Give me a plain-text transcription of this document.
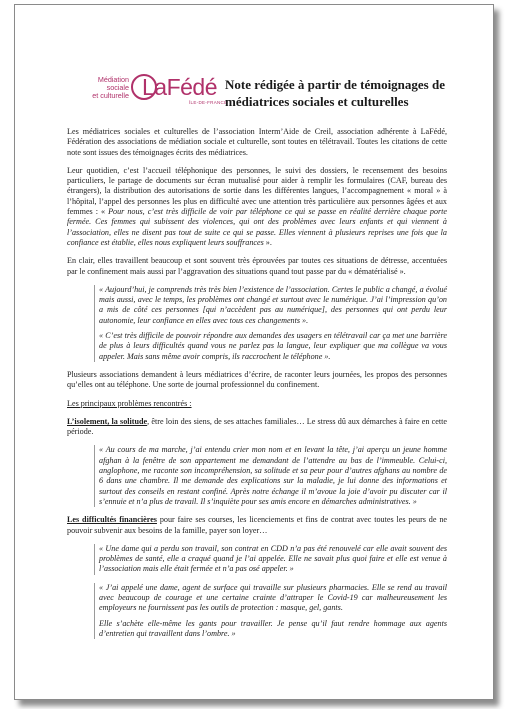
Médiation
sociale
et culturelle LaFédé
ÎLE-DE-FRANCE
Note rédigée à partir de témoignages de
médiatrices sociales et culturelles

Les médiatrices sociales et culturelles de l’association Interm’Aide de Creil, association adhérente à LaFédé, Fédération des associations de médiation sociale et culturelle, sont toutes en télétravail. Toutes les citations de cette note sont issues des témoignages écrits des médiatrices.

Leur quotidien, c’est l’accueil téléphonique des personnes, le suivi des dossiers, le recensement des besoins particuliers, le partage de documents sur écran mutualisé pour aider à remplir les formulaires (CAF, bureau des étrangers), la distribution des autorisations de sortie dans les différentes langues, l’accompagnement « moral » à l’hôpital, l’appel des personnes les plus en difficulté avec une attention très particulière aux personnes âgées et aux femmes : « Pour nous, c’est très difficile de voir par téléphone ce qui se passe en réalité derrière chaque porte fermée. Ces femmes qui subissent des violences, qui ont des problèmes avec leurs enfants et qui viennent à l’association, elles ne disent pas tout de suite ce qui se passe. Elles viennent à plusieurs reprises une fois que la confiance est établie, elles nous expliquent leurs souffrances ».

En clair, elles travaillent beaucoup et sont souvent très éprouvées par toutes ces situations de détresse, accentuées par le confinement mais aussi par l’aggravation des situations quand tout passe par du « dématérialisé ».

« Aujourd’hui, je comprends très très bien l’existence de l’association. Certes le public a changé, a évolué mais aussi, avec le temps, les problèmes ont changé et surtout avec le numérique. J’ai l’impression qu’on a mis de côté ces personnes [qui n’accèdent pas au numérique], des personnes qui ont perdu leur autonomie, leur confiance en elles avec tous ces changements ».

« C’est très difficile de pouvoir répondre aux demandes des usagers en télétravail car ça met une barrière de plus à leurs difficultés quand vous ne parlez pas la langue, leur expliquer que ma collègue va vous appeler. Mais sans même avoir compris, ils raccrochent le téléphone ».

Plusieurs associations demandent à leurs médiatrices d’écrire, de raconter leurs journées, les propos des personnes qu’elles ont au téléphone. Une sorte de journal professionnel du confinement.

Les principaux problèmes rencontrés :

L’isolement, la solitude, être loin des siens, de ses attaches familiales… Le stress dû aux démarches à faire en cette période.

« Au cours de ma marche, j’ai entendu crier mon nom et en levant la tête, j’ai aperçu un jeune homme afghan à la fenêtre de son appartement me demandant de l’attendre au bas de l’immeuble. Celui-ci, anglophone, me raconte son incompréhension, sa solitude et sa peur pour d’autres afghans au nombre de 6 dans une chambre. Il me demande des explications sur la maladie, je lui donne des informations et surtout des conseils en restant confiné. Après notre échange il m’avoue la joie d’avoir pu discuter car il s’ennuie et n’a plus de travail. Il s’inquiète pour ses amis encore en démarches administratives. »

Les difficultés financières pour faire ses courses, les licenciements et fins de contrat avec toutes les peurs de ne pouvoir subvenir aux besoins de la famille, payer son loyer…

« Une dame qui a perdu son travail, son contrat en CDD n’a pas été renouvelé car elle avait souvent des problèmes de santé, elle a craqué quand je l’ai appelée. Elle ne savait plus quoi faire et elle est venue à l’association mais elle était fermée et n’a pas osé appeler. »

« J’ai appelé une dame, agent de surface qui travaille sur plusieurs pharmacies. Elle se rend au travail avec beaucoup de courage et une certaine crainte d’attraper le Covid-19 car malheureusement les employeurs ne fournissent pas les outils de protection : masque, gel, gants.

Elle s’achète elle-même les gants pour travailler. Je pense qu’il faut rendre hommage aux agents d’entretien qui travaillent dans l’ombre. »
